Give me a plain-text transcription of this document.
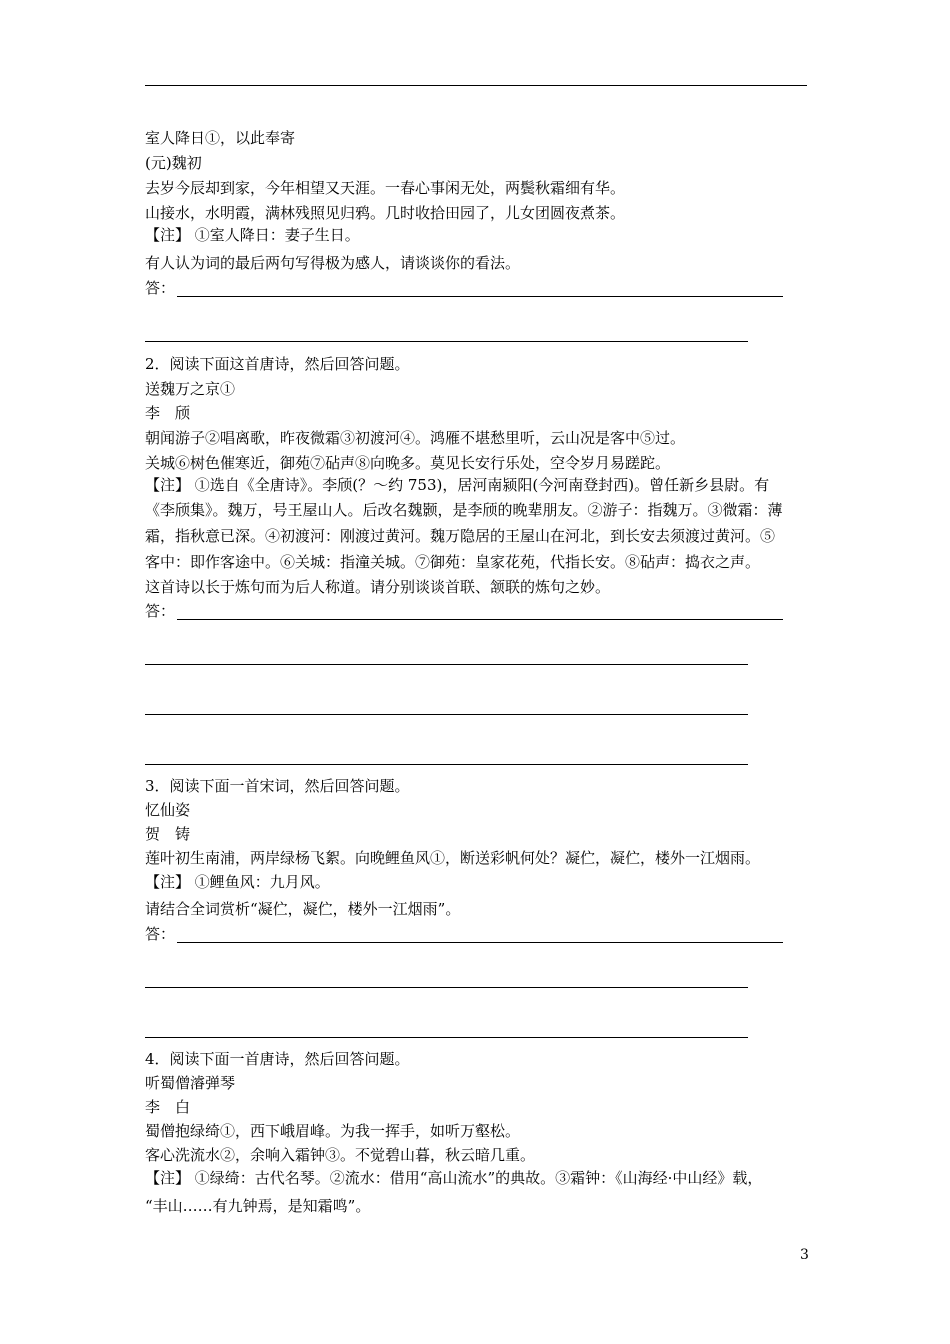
室人降日①，以此奉寄
(元)魏初
去岁今辰却到家，今年相望又天涯。一春心事闲无处，两鬓秋霜细有华。
山接水，水明霞，满林残照见归鸦。几时收拾田园了，儿女团圆夜煮茶。
【注】 ①室人降日：妻子生日。
有人认为词的最后两句写得极为感人，请谈谈你的看法。
答：
2．阅读下面这首唐诗，然后回答问题。
送魏万之京①
李　颀
朝闻游子②唱离歌，昨夜微霜③初渡河④。鸿雁不堪愁里听，云山况是客中⑤过。
关城⑥树色催寒近，御苑⑦砧声⑧向晚多。莫见长安行乐处，空令岁月易蹉跎。
【注】 ①选自《全唐诗》。李颀(？～约 753)，居河南颍阳(今河南登封西)。曾任新乡县尉。有
《李颀集》。魏万，号王屋山人。后改名魏颢，是李颀的晚辈朋友。②游子：指魏万。③微霜：薄
霜，指秋意已深。④初渡河：刚渡过黄河。魏万隐居的王屋山在河北，到长安去须渡过黄河。⑤
客中：即作客途中。⑥关城：指潼关城。⑦御苑：皇家花苑，代指长安。⑧砧声：捣衣之声。
这首诗以长于炼句而为后人称道。请分别谈谈首联、颔联的炼句之妙。
答：
3．阅读下面一首宋词，然后回答问题。
忆仙姿
贺　铸
莲叶初生南浦，两岸绿杨飞絮。向晚鲤鱼风①，断送彩帆何处？凝伫，凝伫，楼外一江烟雨。
【注】 ①鲤鱼风：九月风。
请结合全词赏析“凝伫，凝伫，楼外一江烟雨”。
答：
4．阅读下面一首唐诗，然后回答问题。
听蜀僧濬弹琴
李　白
蜀僧抱绿绮①，西下峨眉峰。为我一挥手，如听万壑松。
客心洗流水②，余响入霜钟③。不觉碧山暮，秋云暗几重。
【注】 ①绿绮：古代名琴。②流水：借用“高山流水”的典故。③霜钟：《山海经·中山经》载，
“丰山……有九钟焉，是知霜鸣”。
3
